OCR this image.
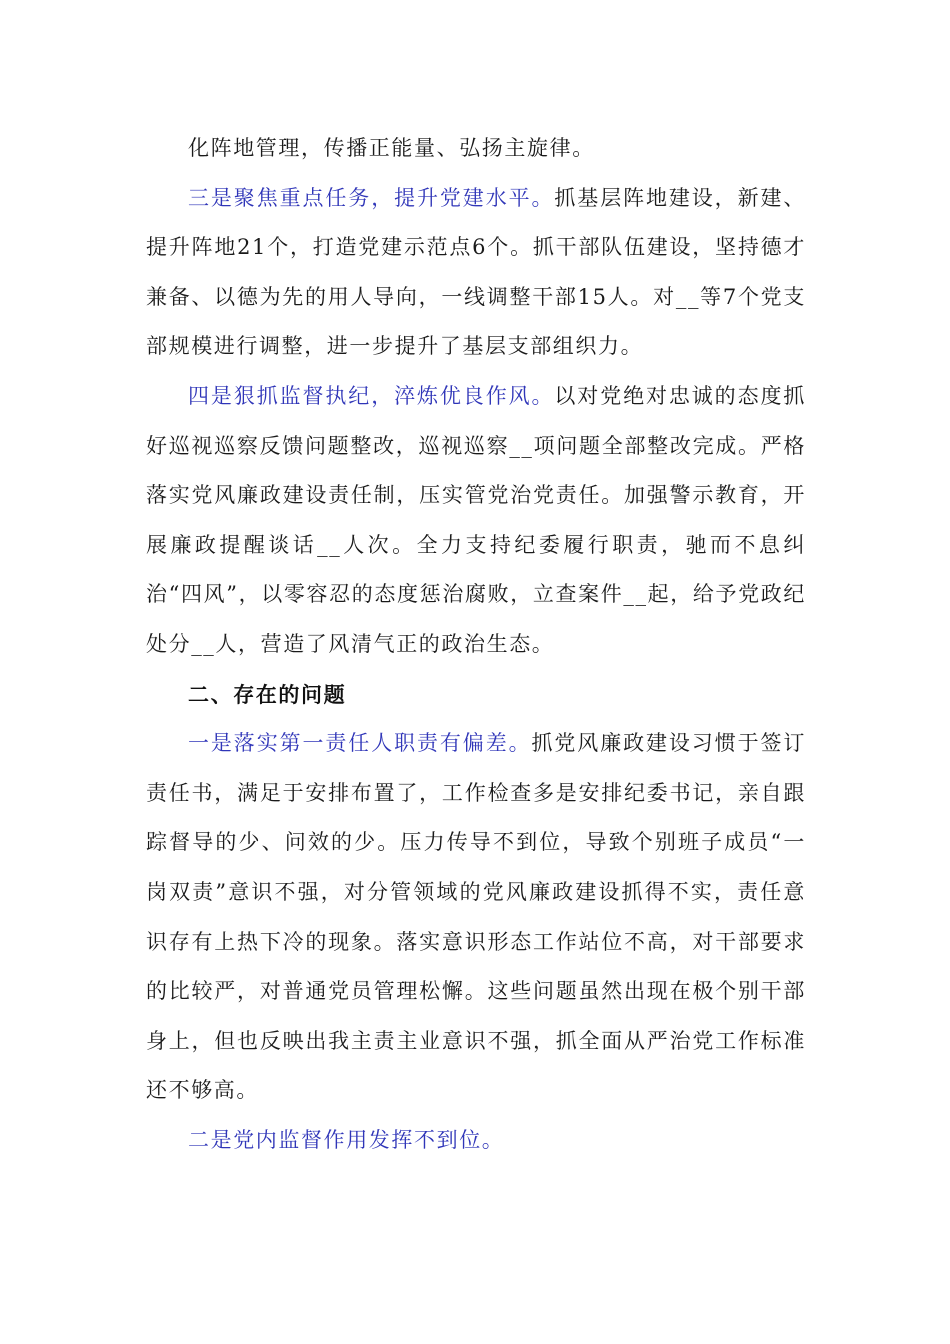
化阵地管理，传播正能量、弘扬主旋律。

三是聚焦重点任务，提升党建水平。抓基层阵地建设，新建、提升阵地21个，打造党建示范点6个。抓干部队伍建设，坚持德才兼备、以德为先的用人导向，一线调整干部15人。对__等7个党支部规模进行调整，进一步提升了基层支部组织力。

四是狠抓监督执纪，淬炼优良作风。以对党绝对忠诚的态度抓好巡视巡察反馈问题整改，巡视巡察__项问题全部整改完成。严格落实党风廉政建设责任制，压实管党治党责任。加强警示教育，开展廉政提醒谈话__人次。全力支持纪委履行职责，驰而不息纠治“四风”，以零容忍的态度惩治腐败，立查案件__起，给予党政纪处分__人，营造了风清气正的政治生态。

二、存在的问题

一是落实第一责任人职责有偏差。抓党风廉政建设习惯于签订责任书，满足于安排布置了，工作检查多是安排纪委书记，亲自跟踪督导的少、问效的少。压力传导不到位，导致个别班子成员“一岗双责”意识不强，对分管领域的党风廉政建设抓得不实，责任意识存有上热下冷的现象。落实意识形态工作站位不高，对干部要求的比较严，对普通党员管理松懈。这些问题虽然出现在极个别干部身上，但也反映出我主责主业意识不强，抓全面从严治党工作标准还不够高。

二是党内监督作用发挥不到位。
